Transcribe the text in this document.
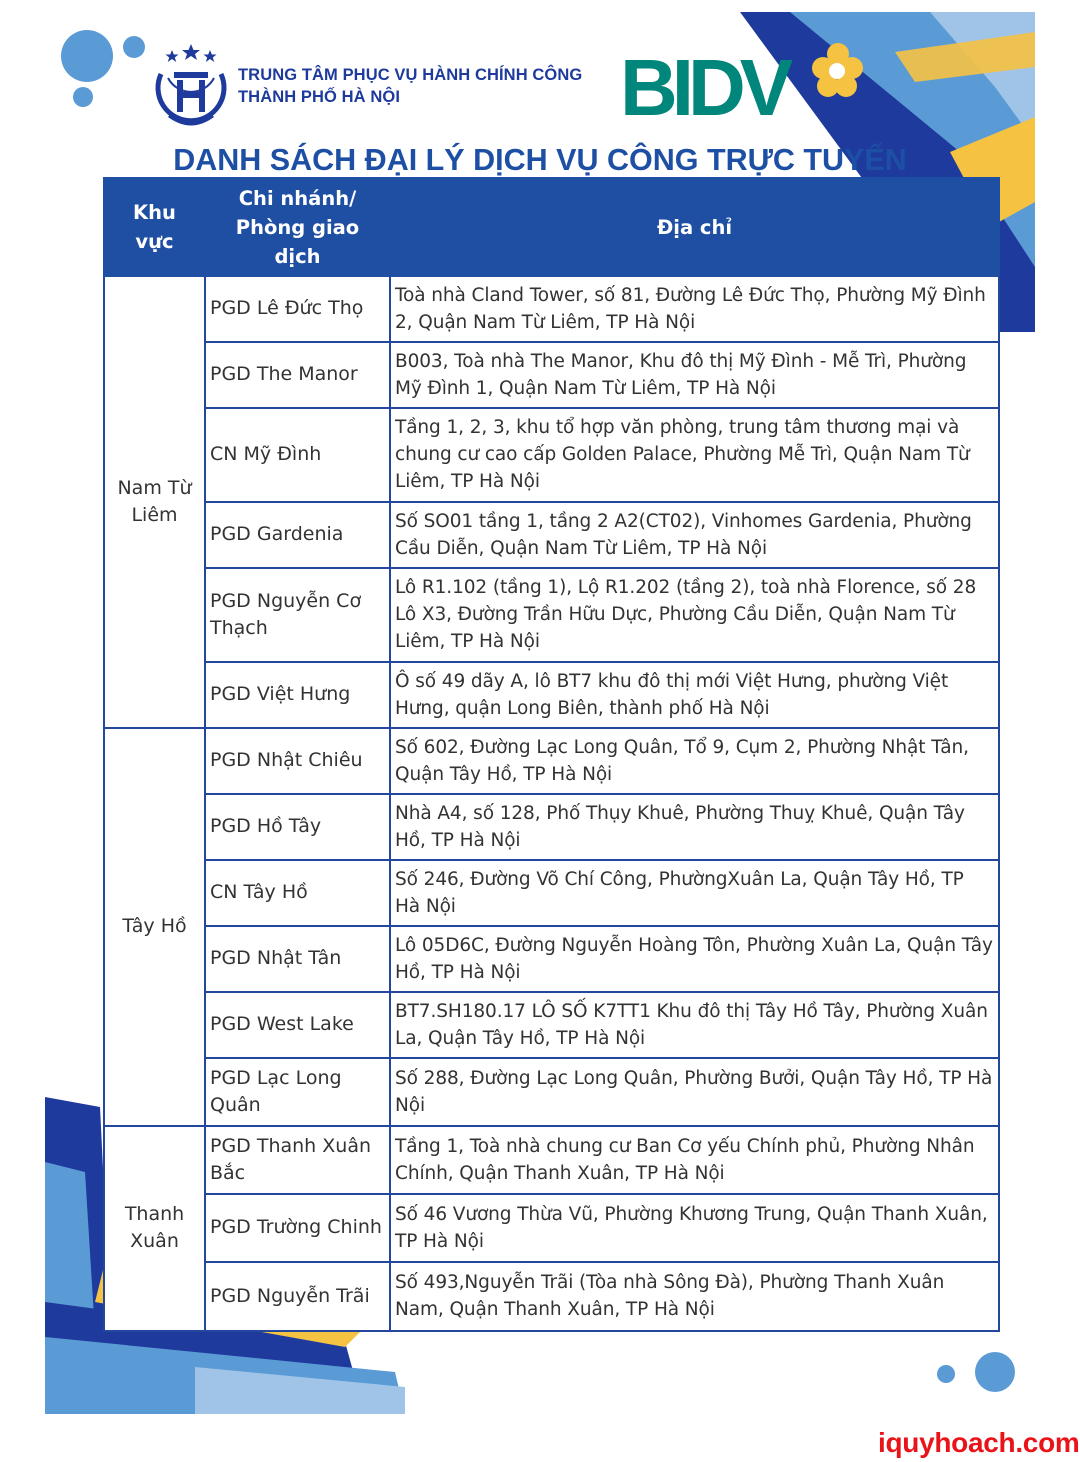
TRUNG TÂM PHỤC VỤ HÀNH CHÍNH CÔNG
THÀNH PHỐ HÀ NỘI	BIDV
DANH SÁCH ĐẠI LÝ DỊCH VỤ CÔNG TRỰC TUYẾN
Khu vực	Chi nhánh/ Phòng giao dịch	Địa chỉ
Nam Từ Liêm	PGD Lê Đức Thọ	Toà nhà Cland Tower, số 81, Đường Lê Đức Thọ, Phường Mỹ Đình 2, Quận Nam Từ Liêm, TP Hà Nội
	PGD The Manor	B003, Toà nhà The Manor, Khu đô thị Mỹ Đình - Mễ Trì, Phường Mỹ Đình 1, Quận Nam Từ Liêm, TP Hà Nội
	CN Mỹ Đình	Tầng 1, 2, 3, khu tổ hợp văn phòng, trung tâm thương mại và chung cư cao cấp Golden Palace, Phường Mễ Trì, Quận Nam Từ Liêm, TP Hà Nội
	PGD Gardenia	Số SO01 tầng 1, tầng 2 A2(CT02), Vinhomes Gardenia, Phường Cầu Diễn, Quận Nam Từ Liêm, TP Hà Nội
	PGD Nguyễn Cơ Thạch	Lô R1.102 (tầng 1), Lộ R1.202 (tầng 2), toà nhà Florence, số 28 Lô X3, Đường Trần Hữu Dực, Phường Cầu Diễn, Quận Nam Từ Liêm, TP Hà Nội
	PGD Việt Hưng	Ô số 49 dãy A, lô BT7 khu đô thị mới Việt Hưng, phường Việt Hưng, quận Long Biên, thành phố Hà Nội
Tây Hồ	PGD Nhật Chiêu	Số 602, Đường Lạc Long Quân, Tổ 9, Cụm 2, Phường Nhật Tân, Quận Tây Hồ, TP Hà Nội
	PGD Hồ Tây	Nhà A4, số 128, Phố Thụy Khuê, Phường Thuỵ Khuê, Quận Tây Hồ, TP Hà Nội
	CN Tây Hồ	Số 246, Đường Võ Chí Công, PhườngXuân La, Quận Tây Hồ, TP Hà Nội
	PGD Nhật Tân	Lô 05D6C, Đường Nguyễn Hoàng Tôn, Phường Xuân La, Quận Tây Hồ, TP Hà Nội
	PGD West Lake	BT7.SH180.17 LÔ SỐ K7TT1 Khu đô thị Tây Hồ Tây, Phường Xuân La, Quận Tây Hồ, TP Hà Nội
	PGD Lạc Long Quân	Số 288, Đường Lạc Long Quân, Phường Bưởi, Quận Tây Hồ, TP Hà Nội
Thanh Xuân	PGD Thanh Xuân Bắc	Tầng 1, Toà nhà chung cư Ban Cơ yếu Chính phủ, Phường Nhân Chính, Quận Thanh Xuân, TP Hà Nội
	PGD Trường Chinh	Số 46 Vương Thừa Vũ, Phường Khương Trung, Quận Thanh Xuân, TP Hà Nội
	PGD Nguyễn Trãi	Số 493,Nguyễn Trãi (Tòa nhà Sông Đà), Phường Thanh Xuân Nam, Quận Thanh Xuân, TP Hà Nội
iquyhoach.com
